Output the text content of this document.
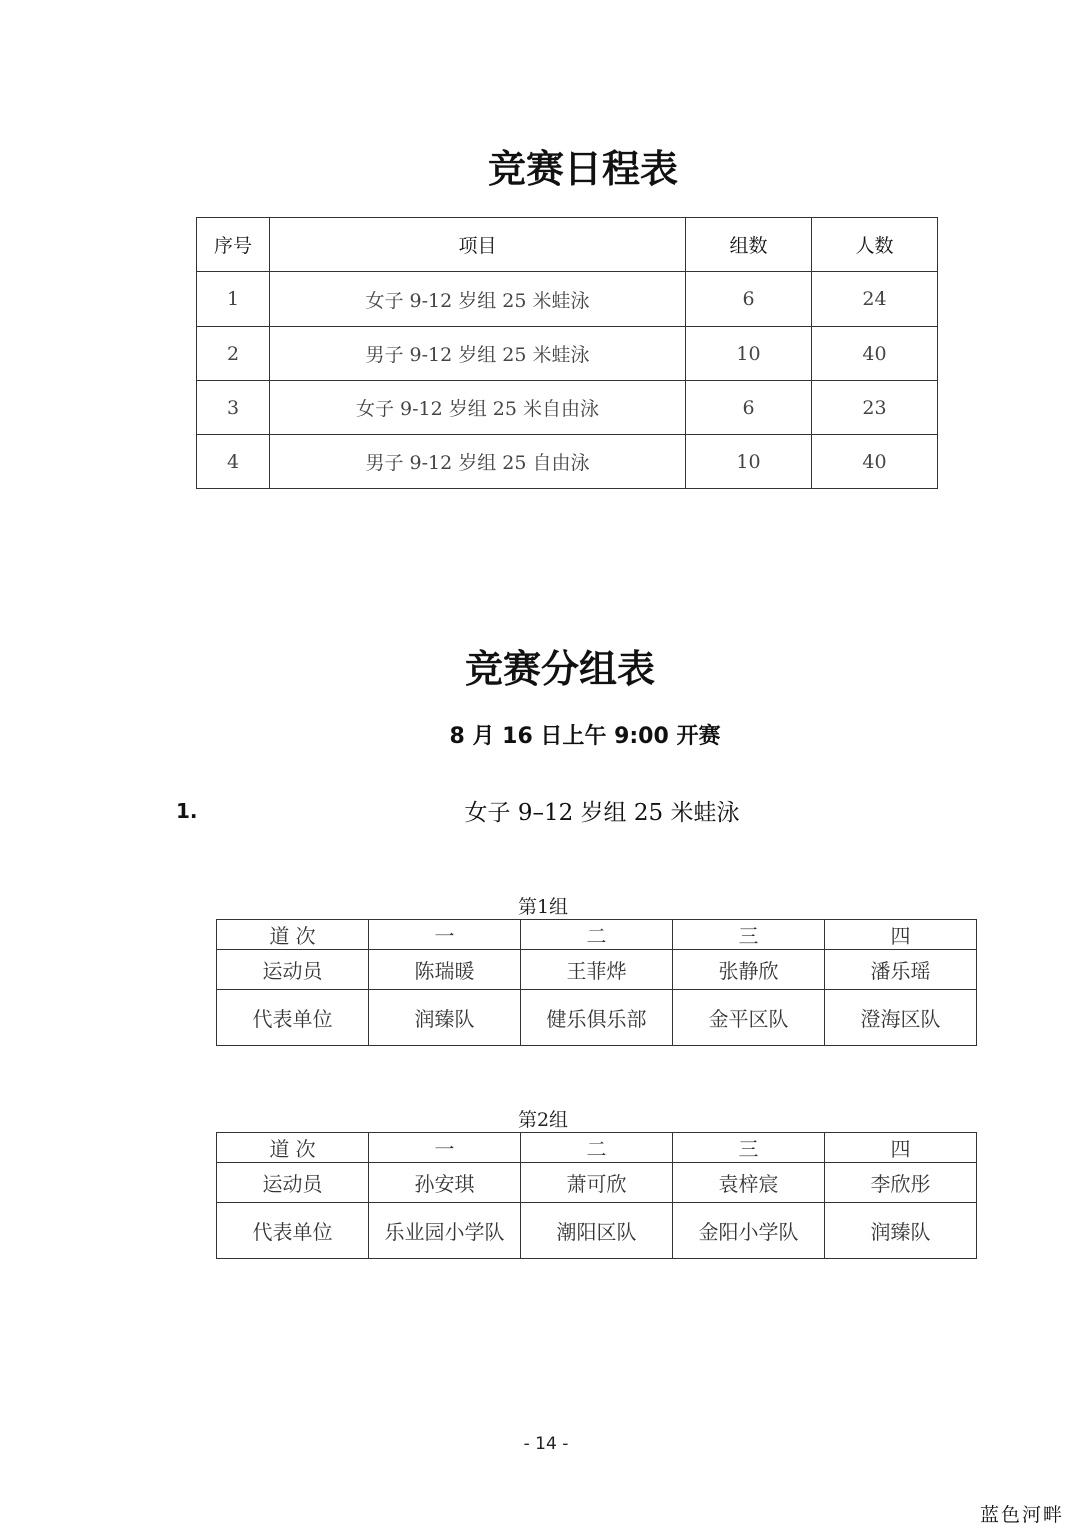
竞赛日程表
序号	项目	组数	人数
1	女子 9-12 岁组 25 米蛙泳	6	24
2	男子 9-12 岁组 25 米蛙泳	10	40
3	女子 9-12 岁组 25 米自由泳	6	23
4	男子 9-12 岁组 25 自由泳	10	40
竞赛分组表
8 月 16 日上午 9:00 开赛
1.	女子 9–12 岁组 25 米蛙泳
第1组
道 次	一	二	三	四
运动员	陈瑞暖	王菲烨	张静欣	潘乐瑶
代表单位	润臻队	健乐俱乐部	金平区队	澄海区队
第2组
道 次	一	二	三	四
运动员	孙安琪	萧可欣	袁梓宸	李欣彤
代表单位	乐业园小学队	潮阳区队	金阳小学队	润臻队
- 14 -
蓝色河畔
